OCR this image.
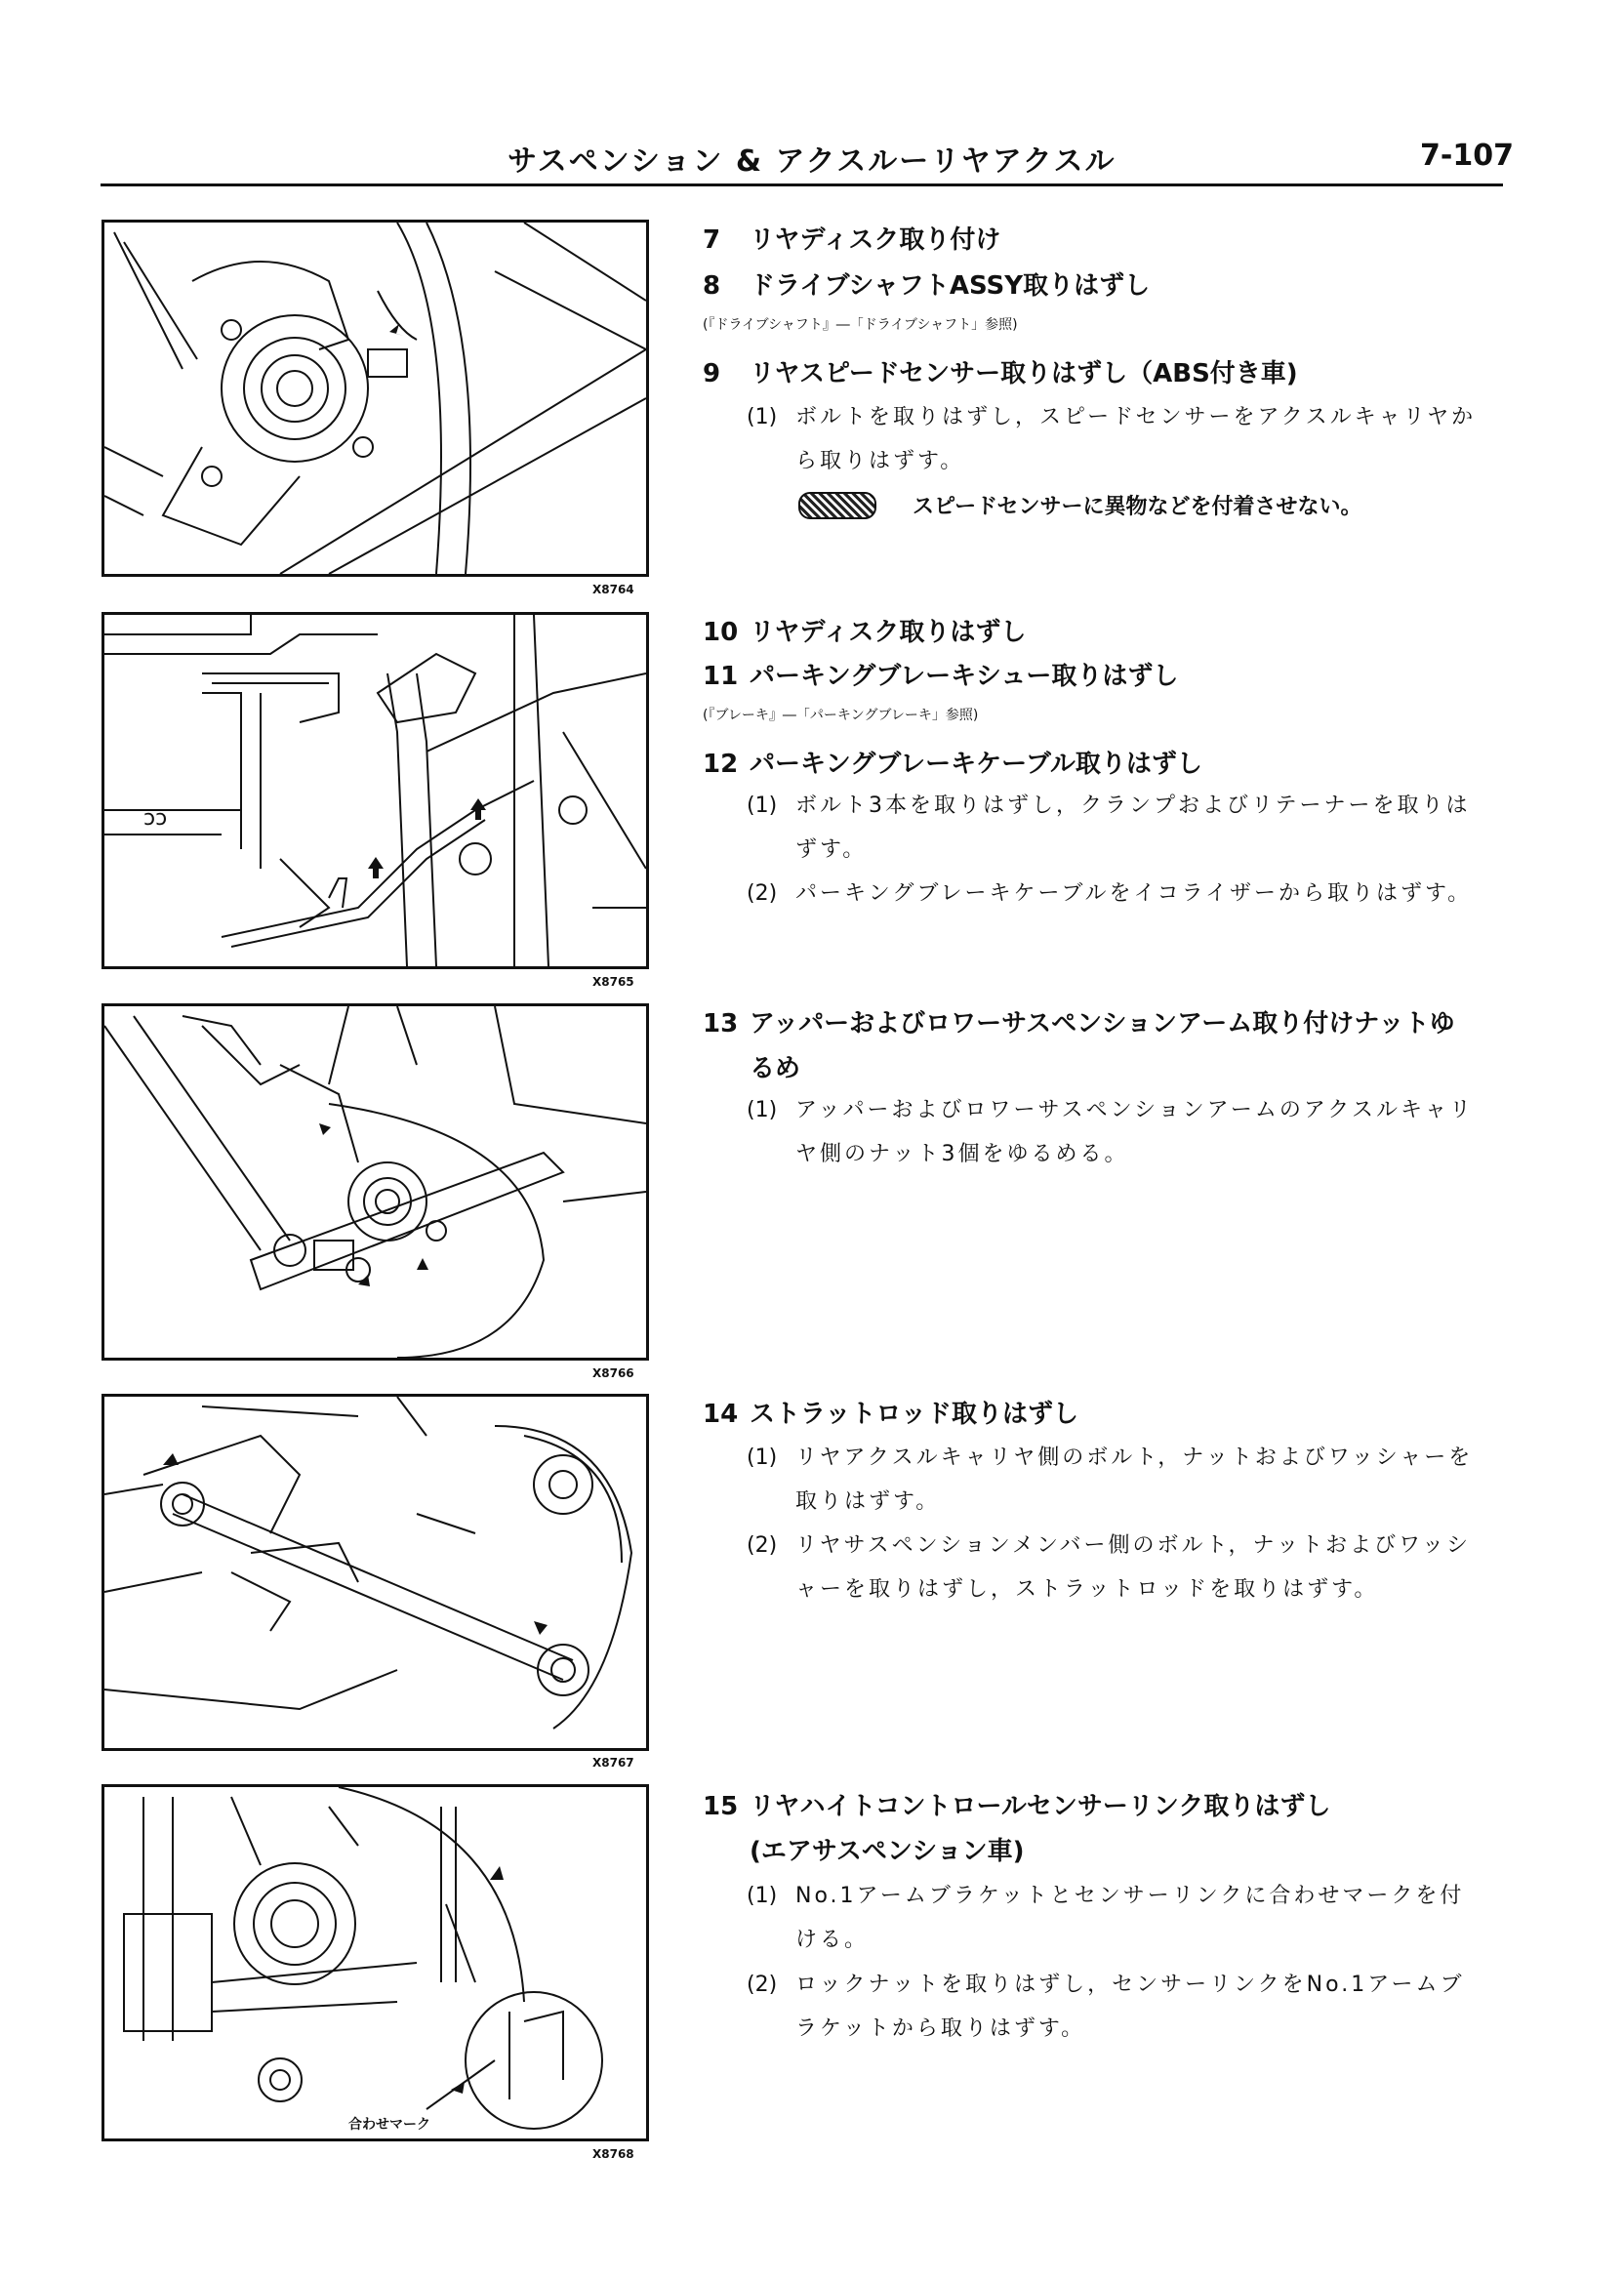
サスペンション & アクスルーリヤアクスル	7-107
X8764
ɔɔ
X8765
X8766
X8767
合わせマーク
X8768
7 リヤディスク取り付け
8 ドライブシャフトASSY取りはずし
(『ドライブシャフト』―「ドライブシャフト」参照)
9 リヤスピードセンサー取りはずし（ABS付き車)
(1) ボルトを取りはずし，スピードセンサーをアクスルキャリヤか
ら取りはずす。
スピードセンサーに異物などを付着させない。
10 リヤディスク取りはずし
11 パーキングブレーキシュー取りはずし
(『ブレーキ』―「パーキングブレーキ」参照)
12 パーキングブレーキケーブル取りはずし
(1) ボルト3本を取りはずし，クランプおよびリテーナーを取りは
ずす。
(2) パーキングブレーキケーブルをイコライザーから取りはずす。
13 アッパーおよびロワーサスペンションアーム取り付けナットゆ
るめ
(1) アッパーおよびロワーサスペンションアームのアクスルキャリ
ヤ側のナット3個をゆるめる。
14 ストラットロッド取りはずし
(1) リヤアクスルキャリヤ側のボルト，ナットおよびワッシャーを
取りはずす。
(2) リヤサスペンションメンバー側のボルト，ナットおよびワッシ
ャーを取りはずし，ストラットロッドを取りはずす。
15 リヤハイトコントロールセンサーリンク取りはずし
(エアサスペンション車)
(1) No.1アームブラケットとセンサーリンクに合わせマークを付
ける。
(2) ロックナットを取りはずし，センサーリンクをNo.1アームブ
ラケットから取りはずす。
